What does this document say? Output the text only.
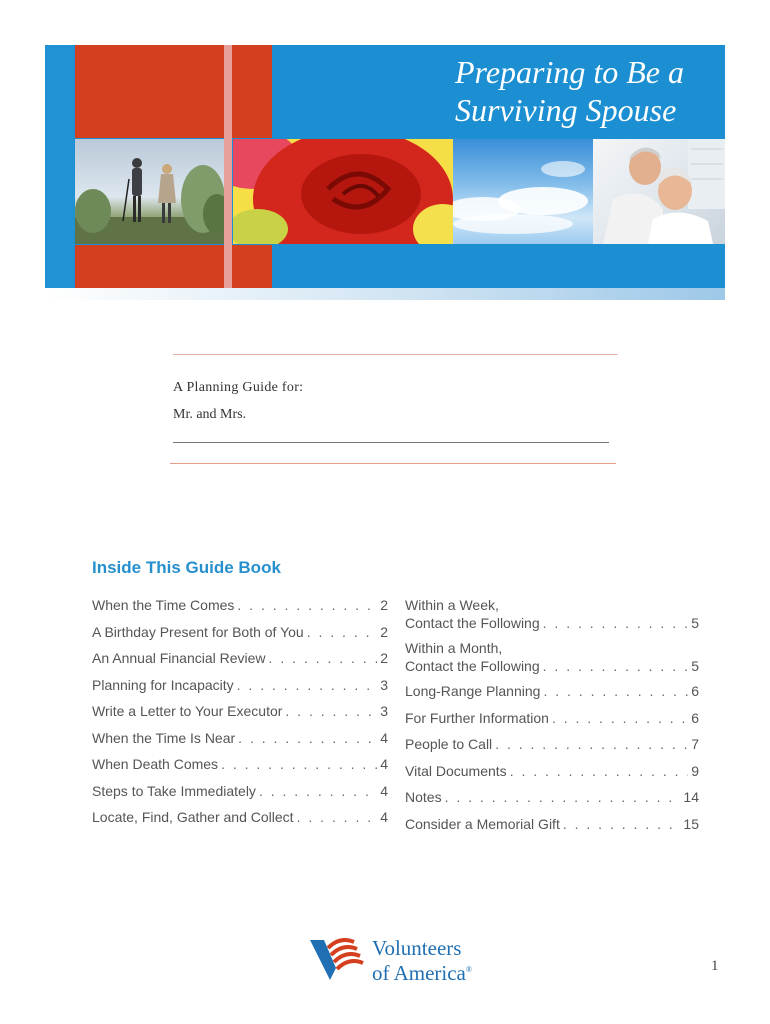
Preparing to Be a
Surviving Spouse
A Planning Guide for:
Mr. and Mrs.
Inside This Guide Book
When the Time Comes . . .	2
A Birthday Present for Both of You . . .	2
An Annual Financial Review . . .	2
Planning for Incapacity . . .	3
Write a Letter to Your Executor . . .	3
When the Time Is Near . . .	4
When Death Comes . . .	4
Steps to Take Immediately . . .	4
Locate, Find, Gather and Collect . . .	4
Within a Week,
Contact the Following . . .	5
Within a Month,
Contact the Following . . .	5
Long-Range Planning . . .	6
For Further Information . . .	6
People to Call . . .	7
Vital Documents . . .	9
Notes . . .	14
Consider a Memorial Gift . . .	15
Volunteers
of America®	1
